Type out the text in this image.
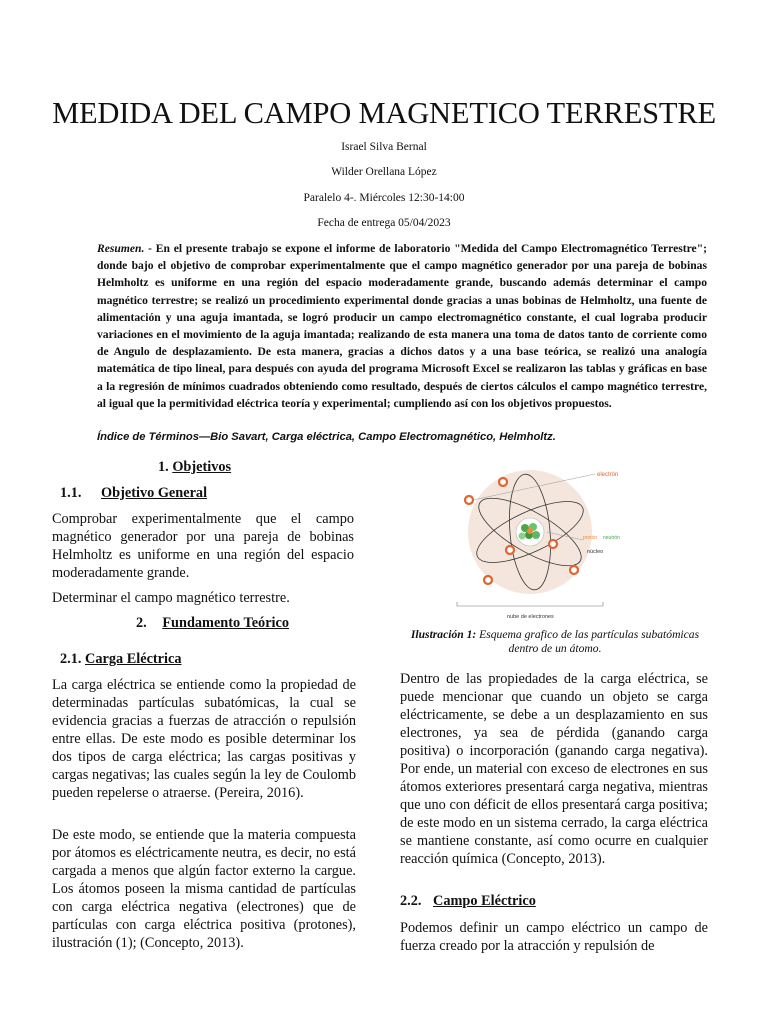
MEDIDA DEL CAMPO MAGNETICO TERRESTRE
Israel Silva Bernal
Wilder Orellana López
Paralelo 4-. Miércoles 12:30-14:00
Fecha de entrega 05/04/2023
Resumen. - En el presente trabajo se expone el informe de laboratorio "Medida del Campo Electromagnético Terrestre"; donde bajo el objetivo de comprobar experimentalmente que el campo magnético generador por una pareja de bobinas Helmholtz es uniforme en una región del espacio moderadamente grande, buscando además determinar el campo magnético terrestre; se realizó un procedimiento experimental donde gracias a unas bobinas de Helmholtz, una fuente de alimentación y una aguja imantada, se logró producir un campo electromagnético constante, el cual lograba producir variaciones en el movimiento de la aguja imantada; realizando de esta manera una toma de datos tanto de corriente como de Angulo de desplazamiento. De esta manera, gracias a dichos datos y a una base teórica, se realizó una analogía matemática de tipo lineal, para después con ayuda del programa Microsoft Excel se realizaron las tablas y gráficas en base a la regresión de mínimos cuadrados obteniendo como resultado, después de ciertos cálculos el campo magnético terrestre, al igual que la permitividad eléctrica teoría y experimental; cumpliendo así con los objetivos propuestos.
Índice de Términos—Bio Savart, Carga eléctrica, Campo Electromagnético, Helmholtz.
1. Objetivos
1.1. Objetivo General

Comprobar experimentalmente que el campo magnético generador por una pareja de bobinas Helmholtz es uniforme en una región del espacio moderadamente grande.

Determinar el campo magnético terrestre.

2. Fundamento Teórico
2.1. Carga Eléctrica

La carga eléctrica se entiende como la propiedad de determinadas partículas subatómicas, la cual se evidencia gracias a fuerzas de atracción o repulsión entre ellas. De este modo es posible determinar los dos tipos de carga eléctrica; las cargas positivas y cargas negativas; las cuales según la ley de Coulomb pueden repelerse o atraerse. (Pereira, 2016).

De este modo, se entiende que la materia compuesta por átomos es eléctricamente neutra, es decir, no está cargada a menos que algún factor externo la cargue. Los átomos poseen la misma cantidad de partículas con carga eléctrica negativa (electrones) que de partículas con carga eléctrica positiva (protones), ilustración (1); (Concepto, 2013).

electrón
protón neutrón
núcleo
nube de electrones
Ilustración 1: Esquema grafico de las partículas subatómicas dentro de un átomo.

Dentro de las propiedades de la carga eléctrica, se puede mencionar que cuando un objeto se carga eléctricamente, se debe a un desplazamiento en sus electrones, ya sea de pérdida (ganando carga positiva) o incorporación (ganando carga negativa). Por ende, un material con exceso de electrones en sus átomos exteriores presentará carga negativa, mientras que uno con déficit de ellos presentará carga positiva; de este modo en un sistema cerrado, la carga eléctrica se mantiene constante, así como ocurre en cualquier reacción química (Concepto, 2013).

2.2. Campo Eléctrico

Podemos definir un campo eléctrico un campo de fuerza creado por la atracción y repulsión de
